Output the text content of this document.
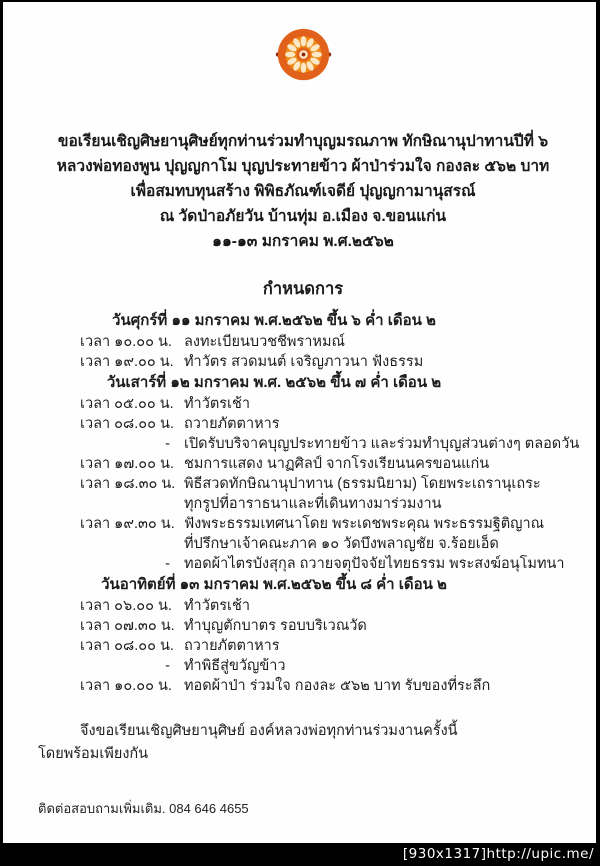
ขอเรียนเชิญศิษยานุศิษย์ทุกท่านร่วมทำบุญมรณภาพ ทักษิณานุปาทานปีที่ ๖
หลวงพ่อทองพูน ปุญญกาโม บุญประทายข้าว ผ้าป่าร่วมใจ กองละ ๕๖๒ บาท
เพื่อสมทบทุนสร้าง พิพิธภัณฑ์เจดีย์ ปุญญกามานุสรณ์
ณ วัดป่าอภัยวัน บ้านทุ่ม อ.เมือง จ.ขอนแก่น
๑๑-๑๓ มกราคม พ.ศ.๒๕๖๒
กำหนดการ
วันศุกร์ที่ ๑๑ มกราคม พ.ศ.๒๕๖๒ ขึ้น ๖ ค่ำ เดือน ๒
เวลา ๑๐.๐๐ น. ลงทะเบียนบวชชีพราหมณ์
เวลา ๑๙.๐๐ น. ทำวัตร สวดมนต์ เจริญภาวนา ฟังธรรม
วันเสาร์ที่ ๑๒ มกราคม พ.ศ. ๒๕๖๒ ขึ้น ๗ ค่ำ เดือน ๒
เวลา ๐๕.๐๐ น. ทำวัตรเช้า
เวลา ๐๘.๐๐ น. ถวายภัตตาหาร
- เปิดรับบริจาคบุญประทายข้าว และร่วมทำบุญส่วนต่างๆ ตลอดวัน
เวลา ๑๗.๐๐ น. ชมการแสดง นาฏศิลป์ จากโรงเรียนนครขอนแก่น
เวลา ๑๘.๓๐ น. พิธีสวดทักษิณานุปาทาน (ธรรมนิยาม) โดยพระเถรานุเถระ
ทุกรูปที่อาราธนาและที่เดินทางมาร่วมงาน
เวลา ๑๙.๓๐ น. ฟังพระธรรมเทศนาโดย พระเดชพระคุณ พระธรรมฐิติญาณ
ที่ปรึกษาเจ้าคณะภาค ๑๐ วัดบึงพลาญชัย จ.ร้อยเอ็ด
- ทอดผ้าไตรบังสุกุล ถวายจตุปัจจัยไทยธรรม พระสงฆ์อนุโมทนา
วันอาทิตย์ที่ ๑๓ มกราคม พ.ศ.๒๕๖๒ ขึ้น ๘ ค่ำ เดือน ๒
เวลา ๐๖.๐๐ น. ทำวัตรเช้า
เวลา ๐๗.๓๐ น. ทำบุญตักบาตร รอบบริเวณวัด
เวลา ๐๘.๐๐ น. ถวายภัตตาหาร
- ทำพิธีสู่ขวัญข้าว
เวลา ๑๐.๐๐ น. ทอดผ้าป่า ร่วมใจ กองละ ๕๖๒ บาท รับของที่ระลึก
จึงขอเรียนเชิญศิษยานุศิษย์ องค์หลวงพ่อทุกท่านร่วมงานครั้งนี้
โดยพร้อมเพียงกัน
ติดต่อสอบถามเพิ่มเติม. 084 646 4655
[930x1317]http://upic.me/
